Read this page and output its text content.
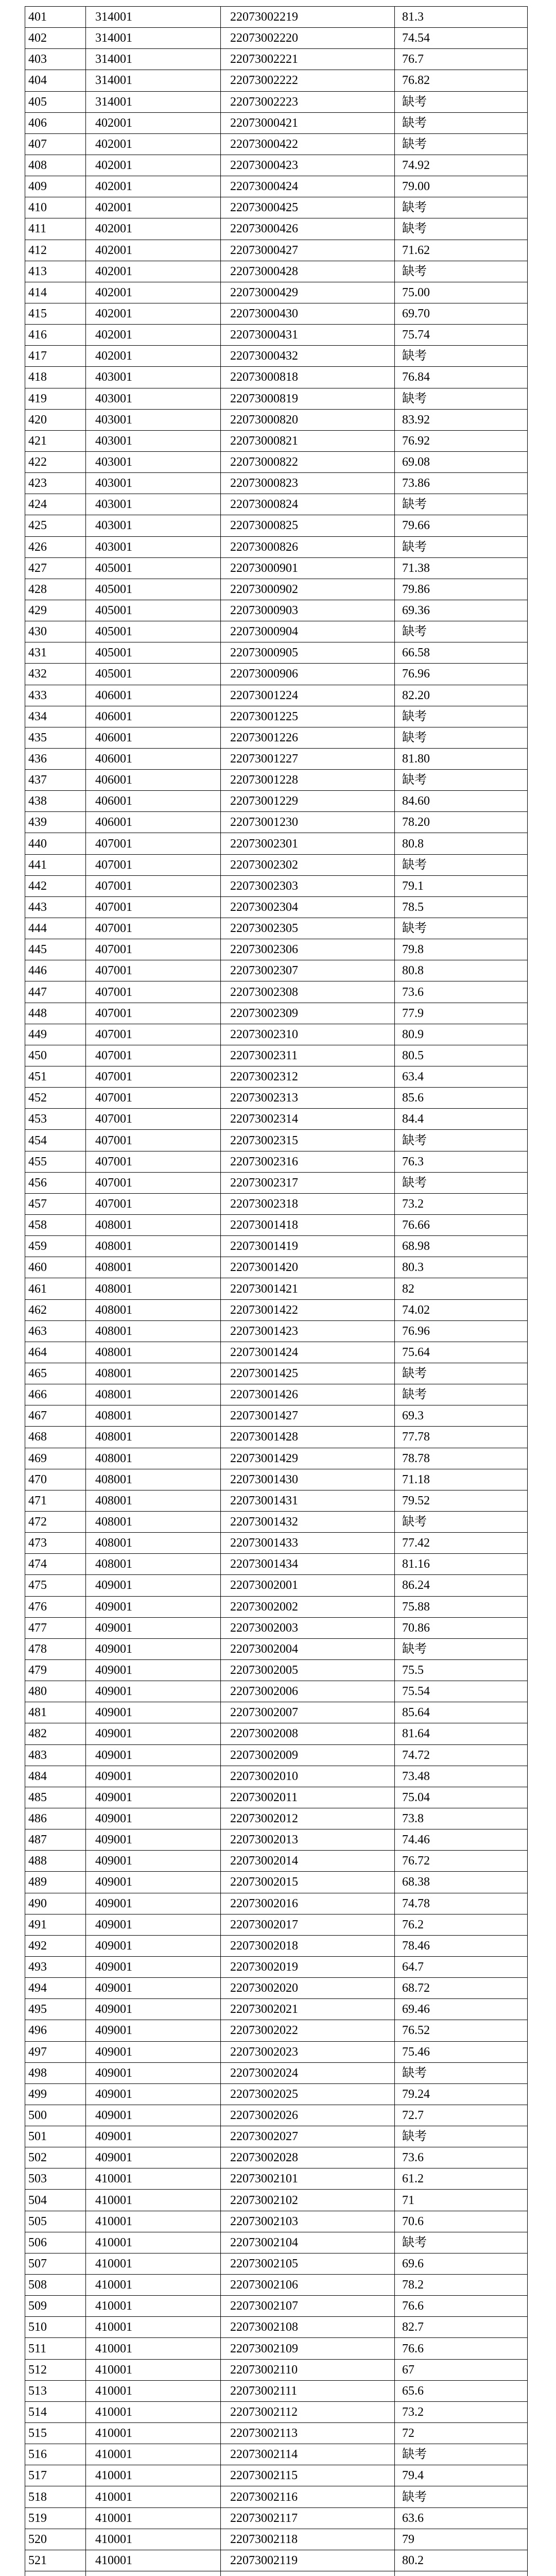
401	314001	22073002219	81.3
402	314001	22073002220	74.54
403	314001	22073002221	76.7
404	314001	22073002222	76.82
405	314001	22073002223	缺考
406	402001	22073000421	缺考
407	402001	22073000422	缺考
408	402001	22073000423	74.92
409	402001	22073000424	79.00
410	402001	22073000425	缺考
411	402001	22073000426	缺考
412	402001	22073000427	71.62
413	402001	22073000428	缺考
414	402001	22073000429	75.00
415	402001	22073000430	69.70
416	402001	22073000431	75.74
417	402001	22073000432	缺考
418	403001	22073000818	76.84
419	403001	22073000819	缺考
420	403001	22073000820	83.92
421	403001	22073000821	76.92
422	403001	22073000822	69.08
423	403001	22073000823	73.86
424	403001	22073000824	缺考
425	403001	22073000825	79.66
426	403001	22073000826	缺考
427	405001	22073000901	71.38
428	405001	22073000902	79.86
429	405001	22073000903	69.36
430	405001	22073000904	缺考
431	405001	22073000905	66.58
432	405001	22073000906	76.96
433	406001	22073001224	82.20
434	406001	22073001225	缺考
435	406001	22073001226	缺考
436	406001	22073001227	81.80
437	406001	22073001228	缺考
438	406001	22073001229	84.60
439	406001	22073001230	78.20
440	407001	22073002301	80.8
441	407001	22073002302	缺考
442	407001	22073002303	79.1
443	407001	22073002304	78.5
444	407001	22073002305	缺考
445	407001	22073002306	79.8
446	407001	22073002307	80.8
447	407001	22073002308	73.6
448	407001	22073002309	77.9
449	407001	22073002310	80.9
450	407001	22073002311	80.5
451	407001	22073002312	63.4
452	407001	22073002313	85.6
453	407001	22073002314	84.4
454	407001	22073002315	缺考
455	407001	22073002316	76.3
456	407001	22073002317	缺考
457	407001	22073002318	73.2
458	408001	22073001418	76.66
459	408001	22073001419	68.98
460	408001	22073001420	80.3
461	408001	22073001421	82
462	408001	22073001422	74.02
463	408001	22073001423	76.96
464	408001	22073001424	75.64
465	408001	22073001425	缺考
466	408001	22073001426	缺考
467	408001	22073001427	69.3
468	408001	22073001428	77.78
469	408001	22073001429	78.78
470	408001	22073001430	71.18
471	408001	22073001431	79.52
472	408001	22073001432	缺考
473	408001	22073001433	77.42
474	408001	22073001434	81.16
475	409001	22073002001	86.24
476	409001	22073002002	75.88
477	409001	22073002003	70.86
478	409001	22073002004	缺考
479	409001	22073002005	75.5
480	409001	22073002006	75.54
481	409001	22073002007	85.64
482	409001	22073002008	81.64
483	409001	22073002009	74.72
484	409001	22073002010	73.48
485	409001	22073002011	75.04
486	409001	22073002012	73.8
487	409001	22073002013	74.46
488	409001	22073002014	76.72
489	409001	22073002015	68.38
490	409001	22073002016	74.78
491	409001	22073002017	76.2
492	409001	22073002018	78.46
493	409001	22073002019	64.7
494	409001	22073002020	68.72
495	409001	22073002021	69.46
496	409001	22073002022	76.52
497	409001	22073002023	75.46
498	409001	22073002024	缺考
499	409001	22073002025	79.24
500	409001	22073002026	72.7
501	409001	22073002027	缺考
502	409001	22073002028	73.6
503	410001	22073002101	61.2
504	410001	22073002102	71
505	410001	22073002103	70.6
506	410001	22073002104	缺考
507	410001	22073002105	69.6
508	410001	22073002106	78.2
509	410001	22073002107	76.6
510	410001	22073002108	82.7
511	410001	22073002109	76.6
512	410001	22073002110	67
513	410001	22073002111	65.6
514	410001	22073002112	73.2
515	410001	22073002113	72
516	410001	22073002114	缺考
517	410001	22073002115	79.4
518	410001	22073002116	缺考
519	410001	22073002117	63.6
520	410001	22073002118	79
521	410001	22073002119	80.2
